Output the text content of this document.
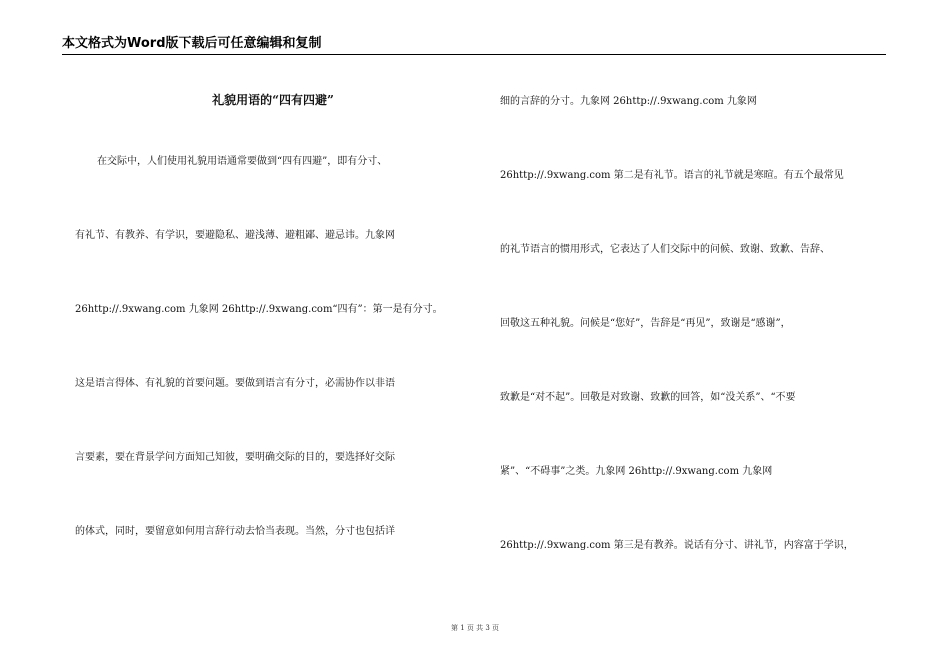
本文格式为Word版下载后可任意编辑和复制
礼貌用语的“四有四避”
在交际中，人们使用礼貌用语通常要做到“四有四避”，即有分寸、
有礼节、有教养、有学识，要避隐私、避浅薄、避粗鄙、避忌讳。九象网
26http://.9xwang.com 九象网 26http://.9xwang.com“四有”：第一是有分寸。
这是语言得体、有礼貌的首要问题。要做到语言有分寸，必需协作以非语
言要素，要在背景学问方面知己知彼，要明确交际的目的，要选择好交际
的体式，同时，要留意如何用言辞行动去恰当表现。当然，分寸也包括详
细的言辞的分寸。九象网 26http://.9xwang.com 九象网
26http://.9xwang.com 第二是有礼节。语言的礼节就是寒暄。有五个最常见
的礼节语言的惯用形式，它表达了人们交际中的问候、致谢、致歉、告辞、
回敬这五种礼貌。问候是“您好”，告辞是“再见”，致谢是“感谢”，
致歉是“对不起”。回敬是对致谢、致歉的回答，如“没关系”、“不要
紧”、“不碍事”之类。九象网 26http://.9xwang.com 九象网
26http://.9xwang.com 第三是有教养。说话有分寸、讲礼节，内容富于学识，
第 1 页 共 3 页
